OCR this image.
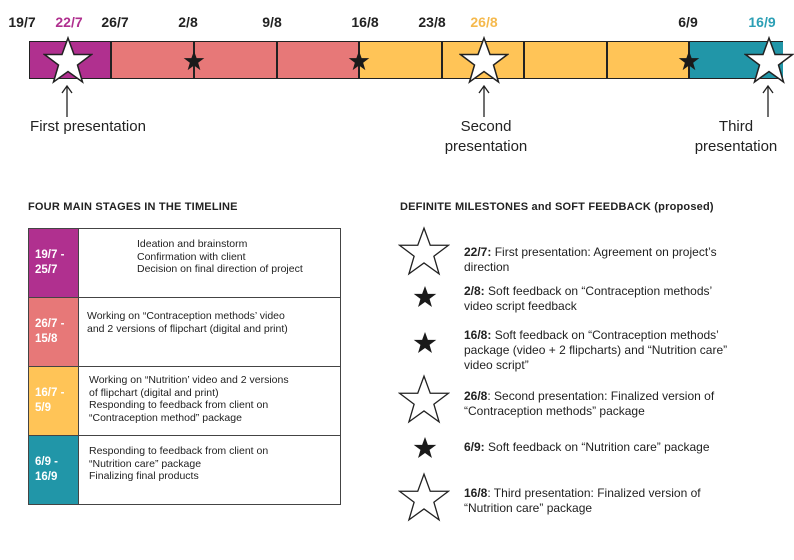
19/7 22/7 26/7	2/8	9/8	16/8	23/8 26/8	6/9	16/9
First presentation	Second
presentation
Third
presentation
FOUR MAIN STAGES IN THE TIMELINE
19/7 -
25/7
Ideation and brainstorm
Confirmation with client
Decision on final direction of project
26/7 -
15/8
Working on “Contraception methods’ video
and 2 versions of flipchart (digital and print)
16/7 -
5/9
Working on “Nutrition’ video and 2 versions
of flipchart (digital and print)
Responding to feedback from client on
“Contraception method” package
6/9 -
16/9
Responding to feedback from client on
“Nutrition care” package
Finalizing final products
DEFINITE MILESTONES and SOFT FEEDBACK (proposed)
22/7: First presentation: Agreement on project’s
direction
2/8: Soft feedback on “Contraception methods’
video script feedback
16/8: Soft feedback on “Contraception methods’
package (video + 2 flipcharts) and “Nutrition care”
video script”
26/8: Second presentation: Finalized version of
“Contraception methods” package
6/9: Soft feedback on “Nutrition care” package
16/8: Third presentation: Finalized version of
“Nutrition care” package
